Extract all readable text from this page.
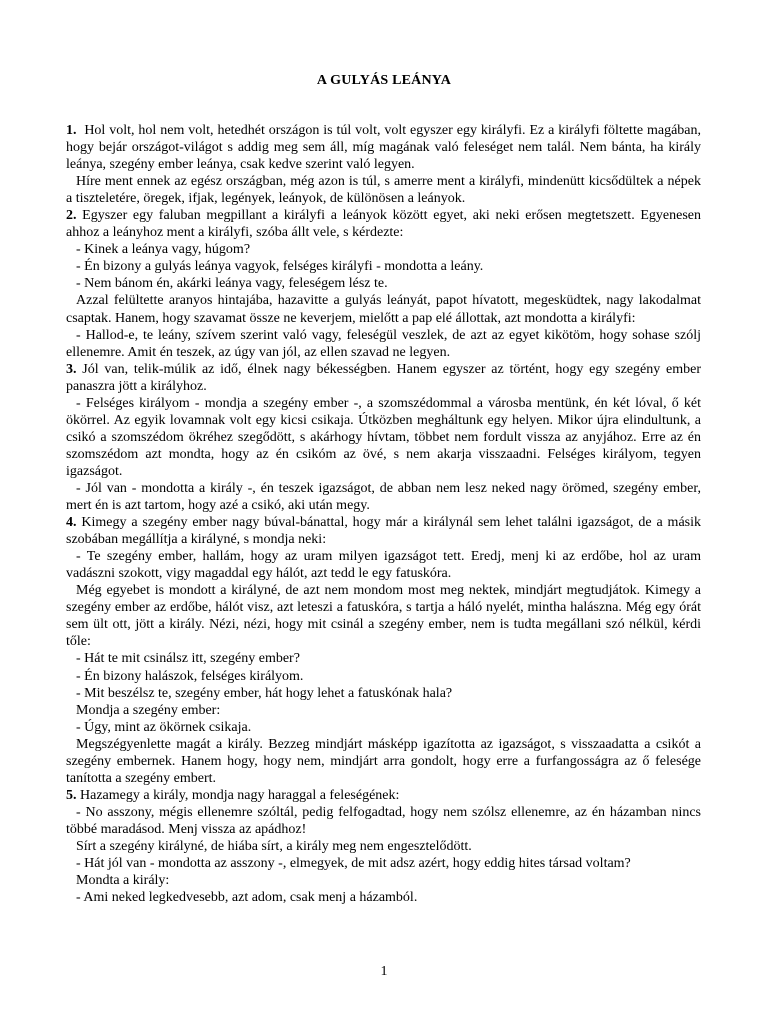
A GULYÁS LEÁNYA

1.  Hol volt, hol nem volt, hetedhét országon is túl volt, volt egyszer egy királyfi. Ez a királyfi föltette magában, hogy bejár országot-világot s addig meg sem áll, míg magának való feleséget nem talál. Nem bánta, ha király leánya, szegény ember leánya, csak kedve szerint való legyen.

Híre ment ennek az egész országban, még azon is túl, s amerre ment a királyfi, mindenütt kicsődültek a népek a tiszteletére, öregek, ifjak, legények, leányok, de különösen a leányok.

2. Egyszer egy faluban megpillant a királyfi a leányok között egyet, aki neki erősen megtetszett. Egyenesen ahhoz a leányhoz ment a királyfi, szóba állt vele, s kérdezte:

- Kinek a leánya vagy, húgom?

- Én bizony a gulyás leánya vagyok, felséges királyfi - mondotta a leány.

- Nem bánom én, akárki leánya vagy, feleségem lész te.

Azzal felültette aranyos hintajába, hazavitte a gulyás leányát, papot hívatott, megesküdtek, nagy lakodalmat csaptak. Hanem, hogy szavamat össze ne keverjem, mielőtt a pap elé állottak, azt mondotta a királyfi:

- Hallod-e, te leány, szívem szerint való vagy, feleségül veszlek, de azt az egyet kikötöm, hogy sohase szólj ellenemre. Amit én teszek, az úgy van jól, az ellen szavad ne legyen.

3. Jól van, telik-múlik az idő, élnek nagy békességben. Hanem egyszer az történt, hogy egy szegény ember panaszra jött a királyhoz.

- Felséges királyom - mondja a szegény ember -, a szomszédommal a városba mentünk, én két lóval, ő két ökörrel. Az egyik lovamnak volt egy kicsi csikaja. Útközben megháltunk egy helyen. Mikor újra elindultunk, a csikó a szomszédom ökréhez szegődött, s akárhogy hívtam, többet nem fordult vissza az anyjához. Erre az én szomszédom azt mondta, hogy az én csikóm az övé, s nem akarja visszaadni. Felséges királyom, tegyen igazságot.

- Jól van - mondotta a király -, én teszek igazságot, de abban nem lesz neked nagy örömed, szegény ember, mert én is azt tartom, hogy azé a csikó, aki után megy.

4. Kimegy a szegény ember nagy búval-bánattal, hogy már a királynál sem lehet találni igazságot, de a másik szobában megállítja a királyné, s mondja neki:

- Te szegény ember, hallám, hogy az uram milyen igazságot tett. Eredj, menj ki az erdőbe, hol az uram vadászni szokott, vigy magaddal egy hálót, azt tedd le egy fatuskóra.

Még egyebet is mondott a királyné, de azt nem mondom most meg nektek, mindjárt megtudjátok. Kimegy a szegény ember az erdőbe, hálót visz, azt leteszi a fatuskóra, s tartja a háló nyelét, mintha halászna. Még egy órát sem ült ott, jött a király. Nézi, nézi, hogy mit csinál a szegény ember, nem is tudta megállani szó nélkül, kérdi tőle:

- Hát te mit csinálsz itt, szegény ember?

- Én bizony halászok, felséges királyom.

- Mit beszélsz te, szegény ember, hát hogy lehet a fatuskónak hala?

Mondja a szegény ember:

- Úgy, mint az ökörnek csikaja.

Megszégyenlette magát a király. Bezzeg mindjárt másképp igazította az igazságot, s visszaadatta a csikót a szegény embernek. Hanem hogy, hogy nem, mindjárt arra gondolt, hogy erre a furfangosságra az ő felesége tanította a szegény embert.

5. Hazamegy a király, mondja nagy haraggal a feleségének:

- No asszony, mégis ellenemre szóltál, pedig felfogadtad, hogy nem szólsz ellenemre, az én házamban nincs többé maradásod. Menj vissza az apádhoz!

Sírt a szegény királyné, de hiába sírt, a király meg nem engesztelődött.

- Hát jól van - mondotta az asszony -, elmegyek, de mit adsz azért, hogy eddig hites társad voltam?

Mondta a király:

- Ami neked legkedvesebb, azt adom, csak menj a házamból.

1
